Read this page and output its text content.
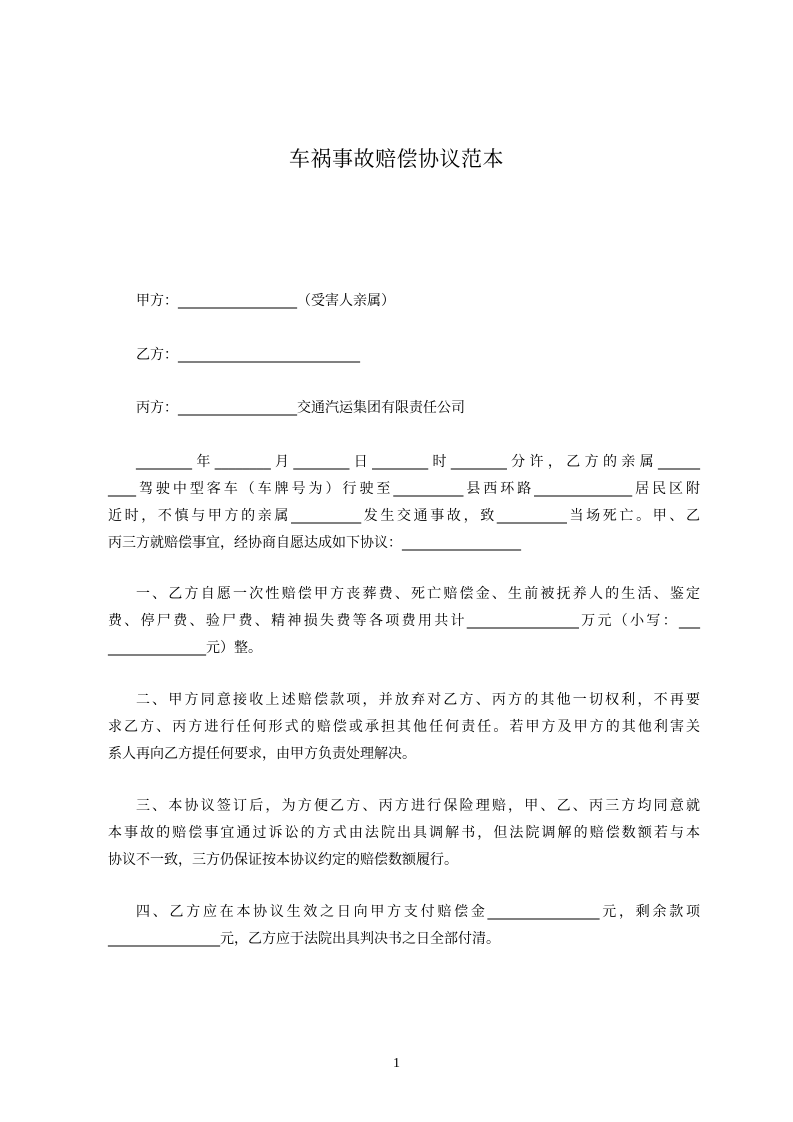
车祸事故赔偿协议范本
甲方：_________________（受害人亲属）
乙方：__________________________
丙方：_________________交通汽运集团有限责任公司
________年________月________日________时________分许，乙方的亲属______
____驾驶中型客车（车牌号为）行驶至__________县西环路______________居民区附
近时，不慎与甲方的亲属__________发生交通事故，致__________当场死亡。甲、乙
丙三方就赔偿事宜，经协商自愿达成如下协议：_________________
一、乙方自愿一次性赔偿甲方丧葬费、死亡赔偿金、生前被抚养人的生活、鉴定
费、停尸费、验尸费、精神损失费等各项费用共计________________万元（小写：___
______________元）整。
二、甲方同意接收上述赔偿款项，并放弃对乙方、丙方的其他一切权利，不再要
求乙方、丙方进行任何形式的赔偿或承担其他任何责任。若甲方及甲方的其他利害关
系人再向乙方提任何要求，由甲方负责处理解决。
三、本协议签订后，为方便乙方、丙方进行保险理赔，甲、乙、丙三方均同意就
本事故的赔偿事宜通过诉讼的方式由法院出具调解书，但法院调解的赔偿数额若与本
协议不一致，三方仍保证按本协议约定的赔偿数额履行。
四、乙方应在本协议生效之日向甲方支付赔偿金________________元，剩余款项
________________元，乙方应于法院出具判决书之日全部付清。
1
